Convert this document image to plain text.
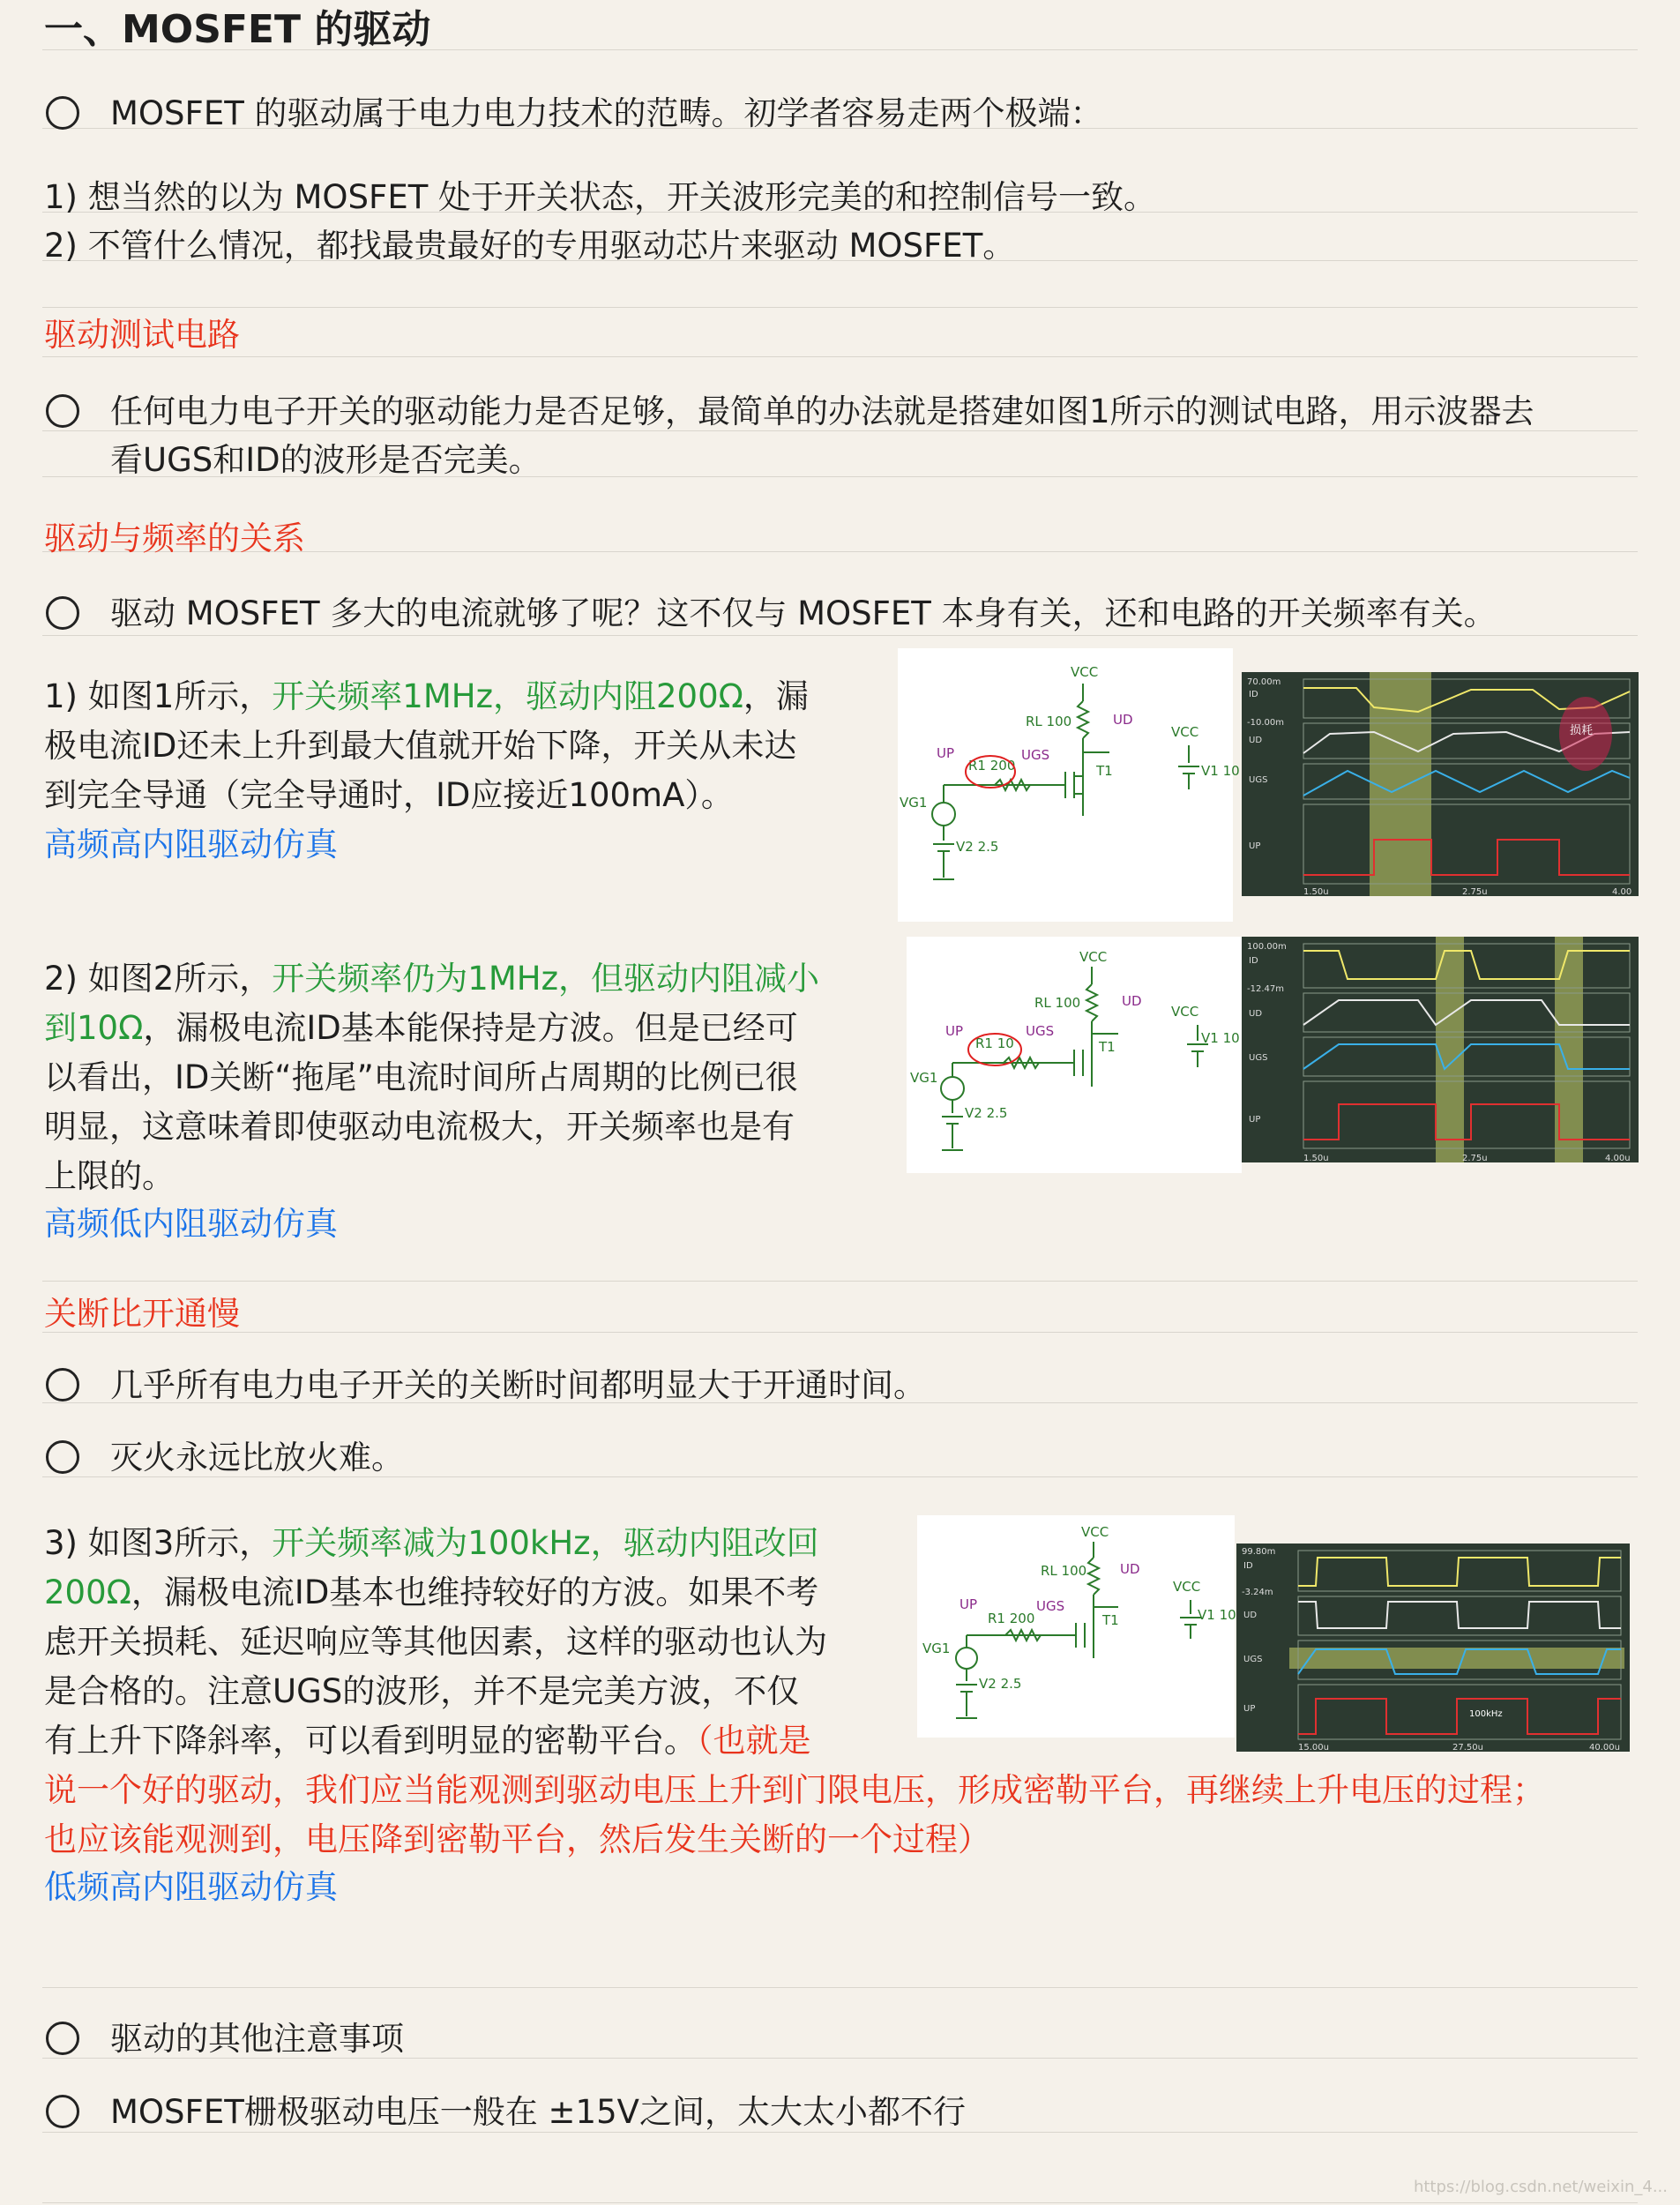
一、MOSFET 的驱动
MOSFET 的驱动属于电力电力技术的范畴。初学者容易走两个极端：
1) 想当然的以为 MOSFET 处于开关状态，开关波形完美的和控制信号一致。
2) 不管什么情况，都找最贵最好的专用驱动芯片来驱动 MOSFET。
驱动测试电路
任何电力电子开关的驱动能力是否足够，最简单的办法就是搭建如图1所示的测试电路，用示波器去
看UGS和ID的波形是否完美。
驱动与频率的关系
驱动 MOSFET 多大的电流就够了呢？这不仅与 MOSFET 本身有关，还和电路的开关频率有关。
1) 如图1所示，开关频率1MHz，驱动内阻200Ω，漏
极电流ID还未上升到最大值就开始下降，开关从未达
到完全导通（完全导通时，ID应接近100mA）。
高频高内阻驱动仿真
2) 如图2所示，开关频率仍为1MHz，但驱动内阻减小
到10Ω，漏极电流ID基本能保持是方波。但是已经可
以看出，ID关断“拖尾”电流时间所占周期的比例已很
明显，这意味着即使驱动电流极大，开关频率也是有
上限的。
高频低内阻驱动仿真
关断比开通慢
几乎所有电力电子开关的关断时间都明显大于开通时间。
灭火永远比放火难。
3) 如图3所示，开关频率减为100kHz，驱动内阻改回
200Ω，漏极电流ID基本也维持较好的方波。如果不考
虑开关损耗、延迟响应等其他因素，这样的驱动也认为
是合格的。注意UGS的波形，并不是完美方波，不仅
有上升下降斜率，可以看到明显的密勒平台。（也就是
说一个好的驱动，我们应当能观测到驱动电压上升到门限电压，形成密勒平台，再继续上升电压的过程；
也应该能观测到，电压降到密勒平台，然后发生关断的一个过程）
低频高内阻驱动仿真
驱动的其他注意事项
MOSFET栅极驱动电压一般在 ±15V之间，太大太小都不行
VCC
RL 100	UD
UP
R1 200
UGS
T1
VG1
V2 2.5
VCC
V1 10
VCC
RL 100	UD
UP
R1 10
UGS
T1
VG1
V2 2.5
VCC
V1 10
VCC
RL 100	UD
UP
R1 200
UGS
T1
VG1
V2 2.5
VCC
V1 10
70.00m
ID
-10.00m
UD
UGS
UP
1.50u	2.75u	4.00
损耗
100.00m
ID
-12.47m
UD
UGS
UP
1.50u	2.75u	4.00u
99.80m
ID
-3.24m
UD
UGS
UP
100kHz
15.00u	27.50u	40.00u
https://blog.csdn.net/weixin_4...
